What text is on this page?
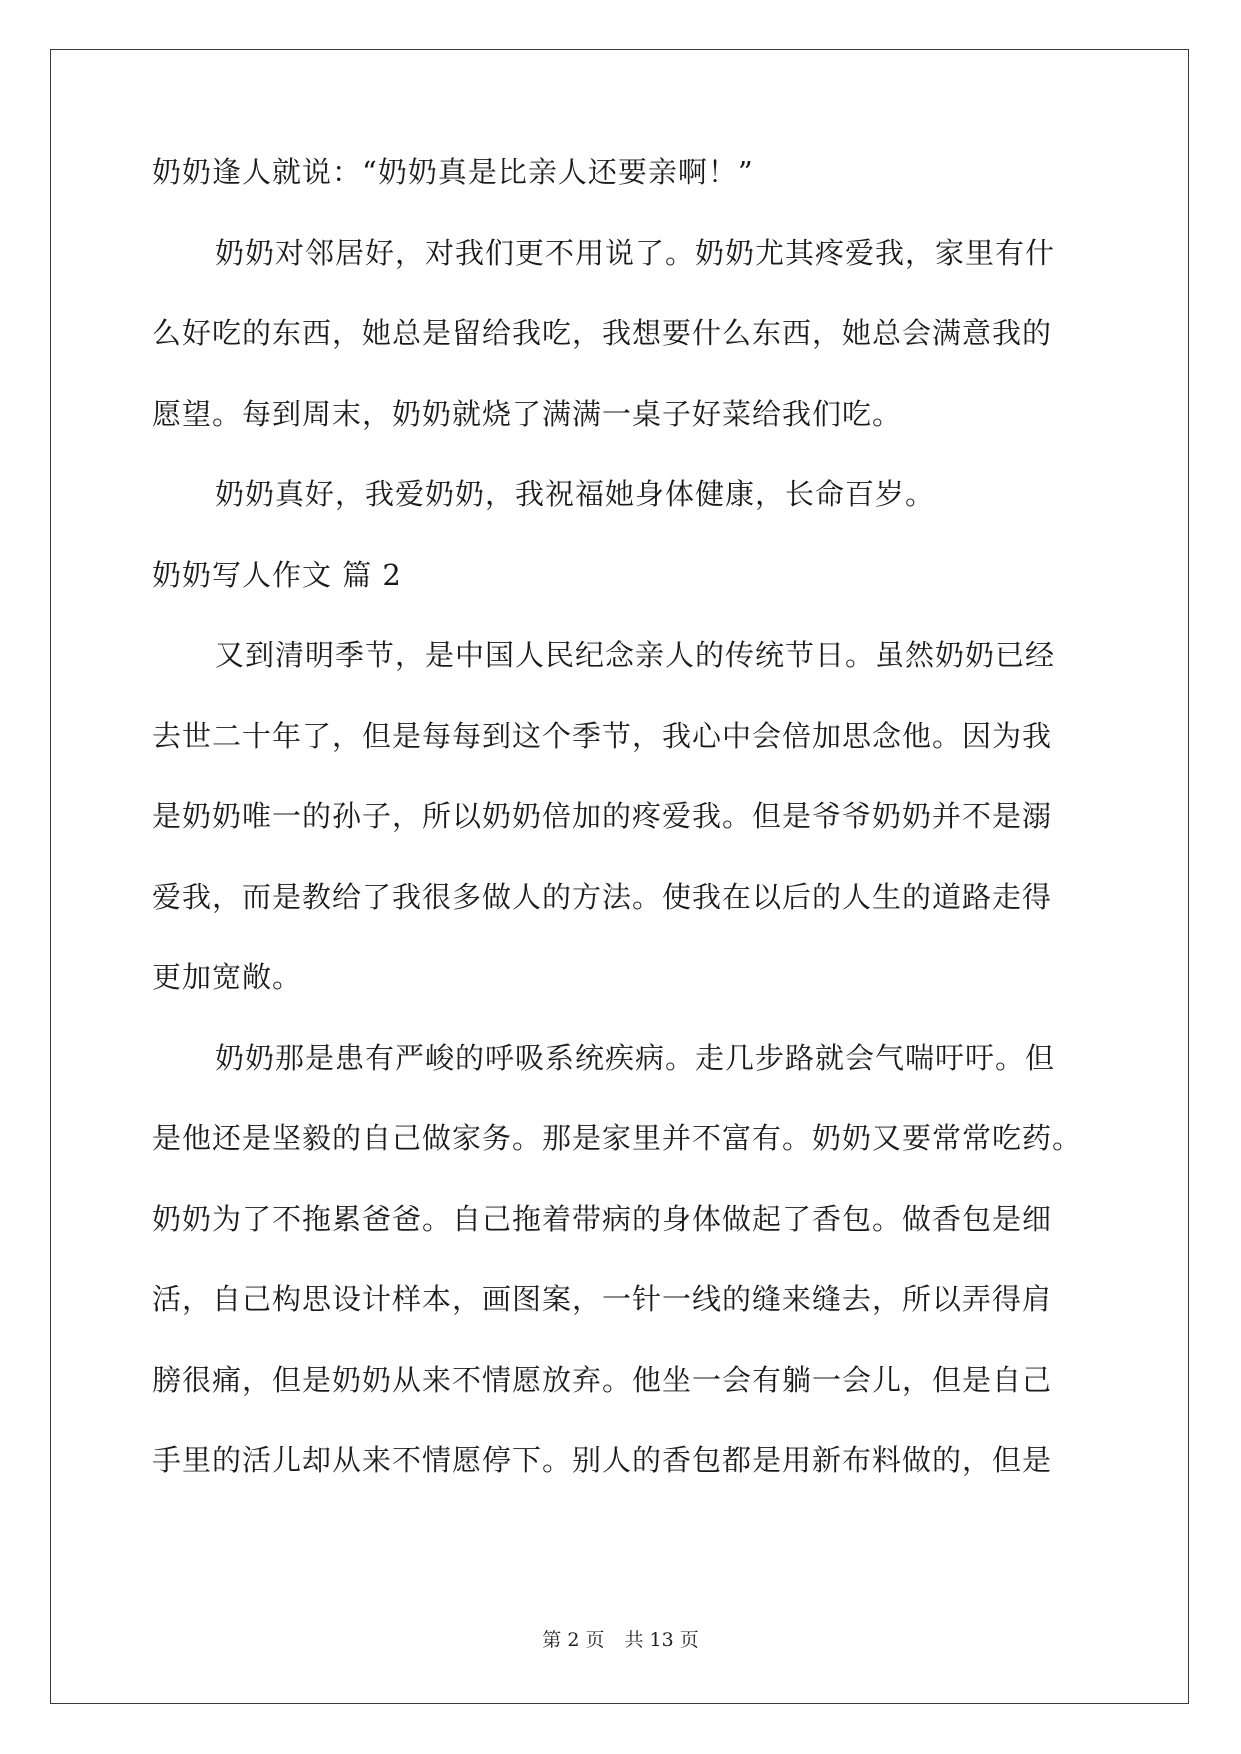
奶奶逢人就说：“奶奶真是比亲人还要亲啊！”
奶奶对邻居好，对我们更不用说了。奶奶尤其疼爱我，家里有什
么好吃的东西，她总是留给我吃，我想要什么东西，她总会满意我的
愿望。每到周末，奶奶就烧了满满一桌子好菜给我们吃。
奶奶真好，我爱奶奶，我祝福她身体健康，长命百岁。
奶奶写人作文 篇 2
又到清明季节，是中国人民纪念亲人的传统节日。虽然奶奶已经
去世二十年了，但是每每到这个季节，我心中会倍加思念他。因为我
是奶奶唯一的孙子，所以奶奶倍加的疼爱我。但是爷爷奶奶并不是溺
爱我，而是教给了我很多做人的方法。使我在以后的人生的道路走得
更加宽敞。
奶奶那是患有严峻的呼吸系统疾病。走几步路就会气喘吁吁。但
是他还是坚毅的自己做家务。那是家里并不富有。奶奶又要常常吃药。
奶奶为了不拖累爸爸。自己拖着带病的身体做起了香包。做香包是细
活，自己构思设计样本，画图案，一针一线的缝来缝去，所以弄得肩
膀很痛，但是奶奶从来不情愿放弃。他坐一会有躺一会儿，但是自己
手里的活儿却从来不情愿停下。别人的香包都是用新布料做的，但是
第 2 页 共 13 页
